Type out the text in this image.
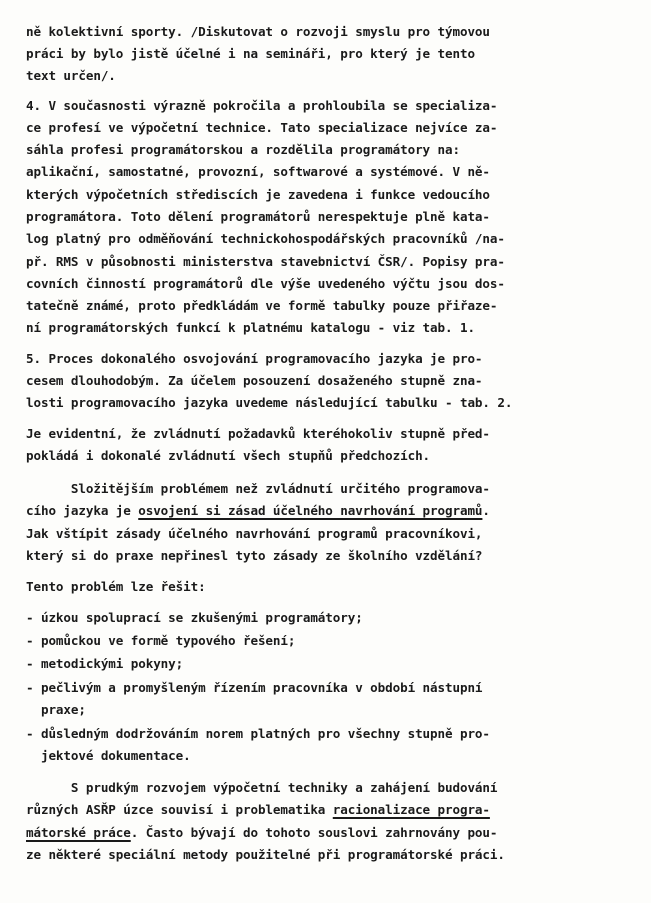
ně kolektivní sporty. /Diskutovat o rozvoji smyslu pro týmovou
práci by bylo jistě účelné i na semináři, pro který je tento
text určen/.
4. V současnosti výrazně pokročila a prohloubila se specializa-
ce profesí ve výpočetní technice. Tato specializace nejvíce za-
sáhla profesi programátorskou a rozdělila programátory na:
aplikační, samostatné, provozní, softwarové a systémové. V ně-
kterých výpočetních střediscích je zavedena i funkce vedoucího
programátora. Toto dělení programátorů nerespektuje plně kata-
log platný pro odměňování technickohospodářských pracovníků /na-
př. RMS v působnosti ministerstva stavebnictví ČSR/. Popisy pra-
covních činností programátorů dle výše uvedeného výčtu jsou dos-
tatečně známé, proto předkládám ve formě tabulky pouze přiřaze-
ní programátorských funkcí k platnému katalogu - viz tab. 1.
5. Proces dokonalého osvojování programovacího jazyka je pro-
cesem dlouhodobým. Za účelem posouzení dosaženého stupně zna-
losti programovacího jazyka uvedeme následující tabulku - tab. 2.
Je evidentní, že zvládnutí požadavků kteréhokoliv stupně před-
pokládá i dokonalé zvládnutí všech stupňů předchozích.
Složitějším problémem než zvládnutí určitého programova-
cího jazyka je osvojení si zásad účelného navrhování programů.
Jak vštípit zásady účelného navrhování programů pracovníkovi,
který si do praxe nepřinesl tyto zásady ze školního vzdělání?
Tento problém lze řešit:
- úzkou spoluprací se zkušenými programátory;
- pomůckou ve formě typového řešení;
- metodickými pokyny;
- pečlivým a promyšleným řízením pracovníka v období nástupní
praxe;
- důsledným dodržováním norem platných pro všechny stupně pro-
jektové dokumentace.
S prudkým rozvojem výpočetní techniky a zahájení budování
různých ASŘP úzce souvisí i problematika racionalizace progra-
mátorské práce. Často bývají do tohoto souslovi zahrnovány pou-
ze některé speciální metody použitelné při programátorské práci.
